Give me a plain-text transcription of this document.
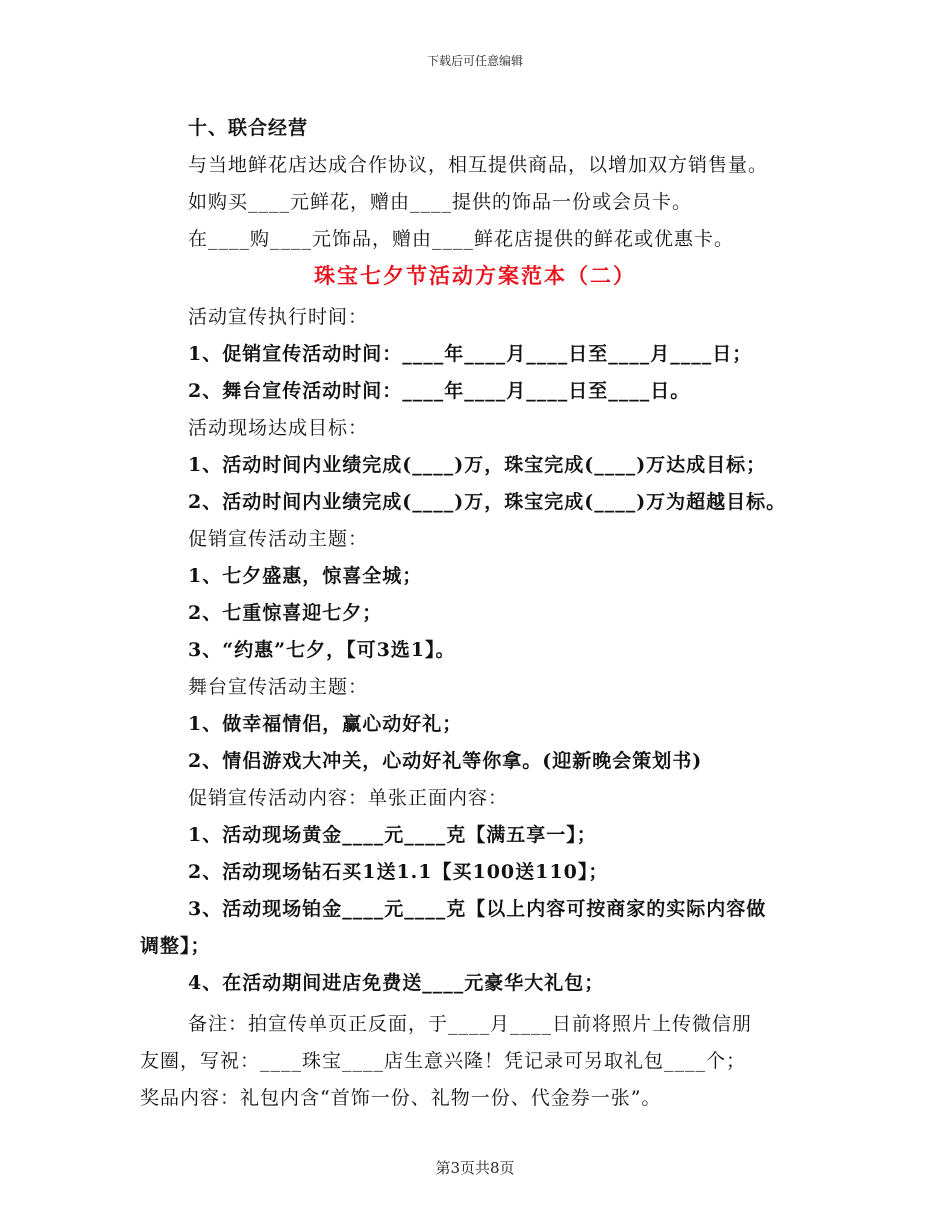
下载后可任意编辑
十、联合经营
与当地鲜花店达成合作协议，相互提供商品，以增加双方销售量。
如购买____元鲜花，赠由____提供的饰品一份或会员卡。
在____购____元饰品，赠由____鲜花店提供的鲜花或优惠卡。
珠宝七夕节活动方案范本（二）
活动宣传执行时间：
1、促销宣传活动时间：____年____月____日至____月____日；
2、舞台宣传活动时间：____年____月____日至____日。
活动现场达成目标：
1、活动时间内业绩完成(____)万，珠宝完成(____)万达成目标；
2、活动时间内业绩完成(____)万，珠宝完成(____)万为超越目标。
促销宣传活动主题：
1、七夕盛惠，惊喜全城；
2、七重惊喜迎七夕；
3、“约惠”七夕，【可3选1】。
舞台宣传活动主题：
1、做幸福情侣，赢心动好礼；
2、情侣游戏大冲关，心动好礼等你拿。(迎新晚会策划书)
促销宣传活动内容：单张正面内容：
1、活动现场黄金____元____克【满五享一】；
2、活动现场钻石买1送1.1【买100送110】；
3、活动现场铂金____元____克【以上内容可按商家的实际内容做
调整】；
4、在活动期间进店免费送____元豪华大礼包；
备注：拍宣传单页正反面，于____月____日前将照片上传微信朋
友圈，写祝：____珠宝____店生意兴隆！凭记录可另取礼包____个；
奖品内容：礼包内含“首饰一份、礼物一份、代金券一张”。
第3页共8页
